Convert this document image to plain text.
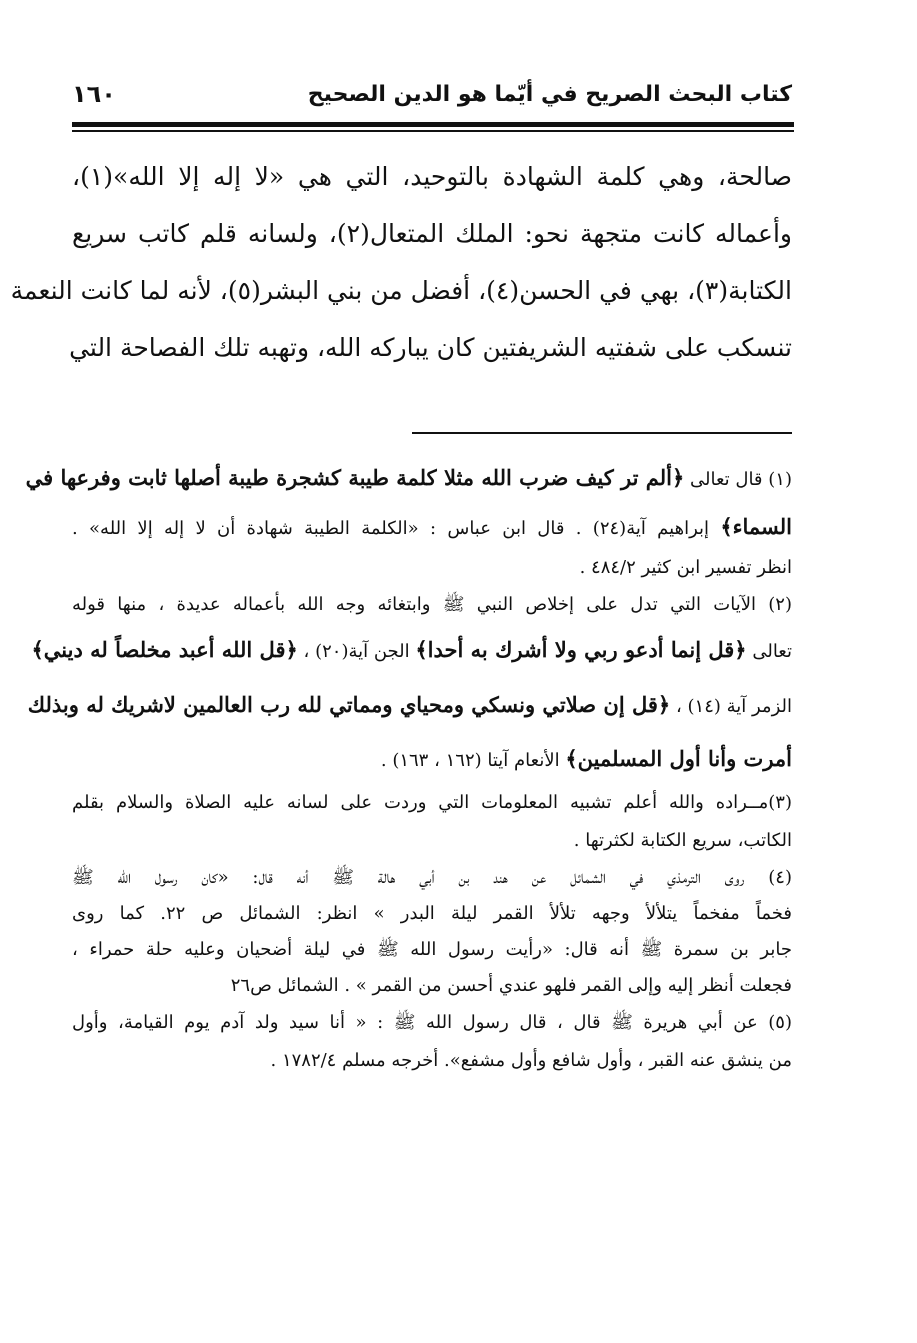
كتاب البحث الصريح في أيّما هو الدين الصحيح
١٦٠
صالحة، وهي كلمة الشهادة بالتوحيد، التي هي «لا إله إلا الله»(١)،
وأعماله كانت متجهة نحو: الملك المتعال(٢)، ولسانه قلم كاتب سريع
الكتابة(٣)، بهي في الحسن(٤)، أفضل من بني البشر(٥)، لأنه لما كانت النعمة
تنسكب على شفتيه الشريفتين كان يباركه الله، وتهبه تلك الفصاحة التي
(١) قال تعالى ﴿ألم تر كيف ضرب الله مثلا كلمة طيبة كشجرة طيبة أصلها ثابت وفرعها في
السماء﴾ إبراهيم آية(٢٤) . قال ابن عباس : «الكلمة الطيبة شهادة أن لا إله إلا الله» .
انظر تفسير ابن كثير ٤٨٤/٢ .
(٢) الآيات التي تدل على إخلاص النبي ﷺ وابتغائه وجه الله بأعماله عديدة ، منها قوله
تعالى ﴿قل إنما أدعو ربي ولا أشرك به أحدا﴾ الجن آية(٢٠) ، ﴿قل الله أعبد مخلصاً له ديني﴾
الزمر آية (١٤) ، ﴿قل إن صلاتي ونسكي ومحياي ومماتي لله رب العالمين لاشريك له وبذلك
أمرت وأنا أول المسلمين﴾ الأنعام آيتا (١٦٢ ، ١٦٣) .
(٣)مــراده والله أعلم تشبيه المعلومات التي وردت على لسانه عليه الصلاة والسلام بقلم
الكاتب، سريع الكتابة لكثرتها .
(٤) روى الترمذي في الشمائل عن هند بن أبي هالة ﷺ أنه قال: «كان رسول الله ﷺ
فخماً مفخماً يتلألأ وجهه تلألأ القمر ليلة البدر » انظر: الشمائل ص ٢٢. كما روى
جابر بن سمرة ﷺ أنه قال: «رأيت رسول الله ﷺ في ليلة أضحيان وعليه حلة حمراء ،
فجعلت أنظر إليه وإلى القمر فلهو عندي أحسن من القمر » . الشمائل ص٢٦
(٥) عن أبي هريرة ﷺ قال ، قال رسول الله ﷺ : « أنا سيد ولد آدم يوم القيامة، وأول
من ينشق عنه القبر ، وأول شافع وأول مشفع». أخرجه مسلم ١٧٨٢/٤ .
